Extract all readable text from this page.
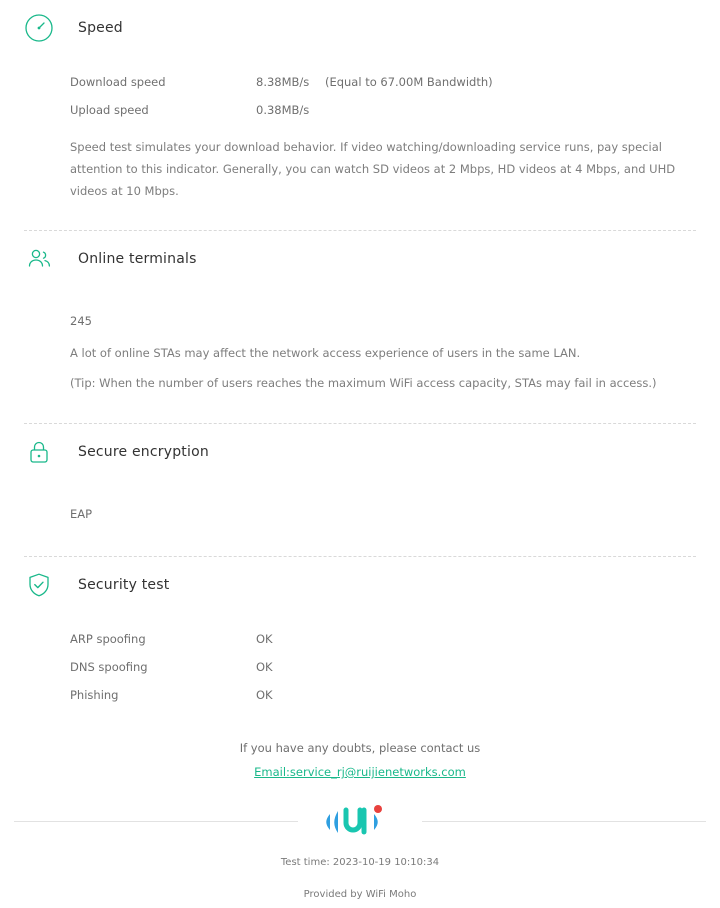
Speed
Download speed	8.38MB/s (Equal to 67.00M Bandwidth)
Upload speed	0.38MB/s
Speed test simulates your download behavior. If video watching/downloading service runs, pay special attention to this indicator. Generally, you can watch SD videos at 2 Mbps, HD videos at 4 Mbps, and UHD videos at 10 Mbps.
Online terminals
245
A lot of online STAs may affect the network access experience of users in the same LAN.
(Tip: When the number of users reaches the maximum WiFi access capacity, STAs may fail in access.)
Secure encryption
EAP
Security test
ARP spoofing	OK
DNS spoofing	OK
Phishing	OK
If you have any doubts, please contact us
Email:service_rj@ruijienetworks.com
Test time: 2023-10-19 10:10:34
Provided by WiFi Moho
